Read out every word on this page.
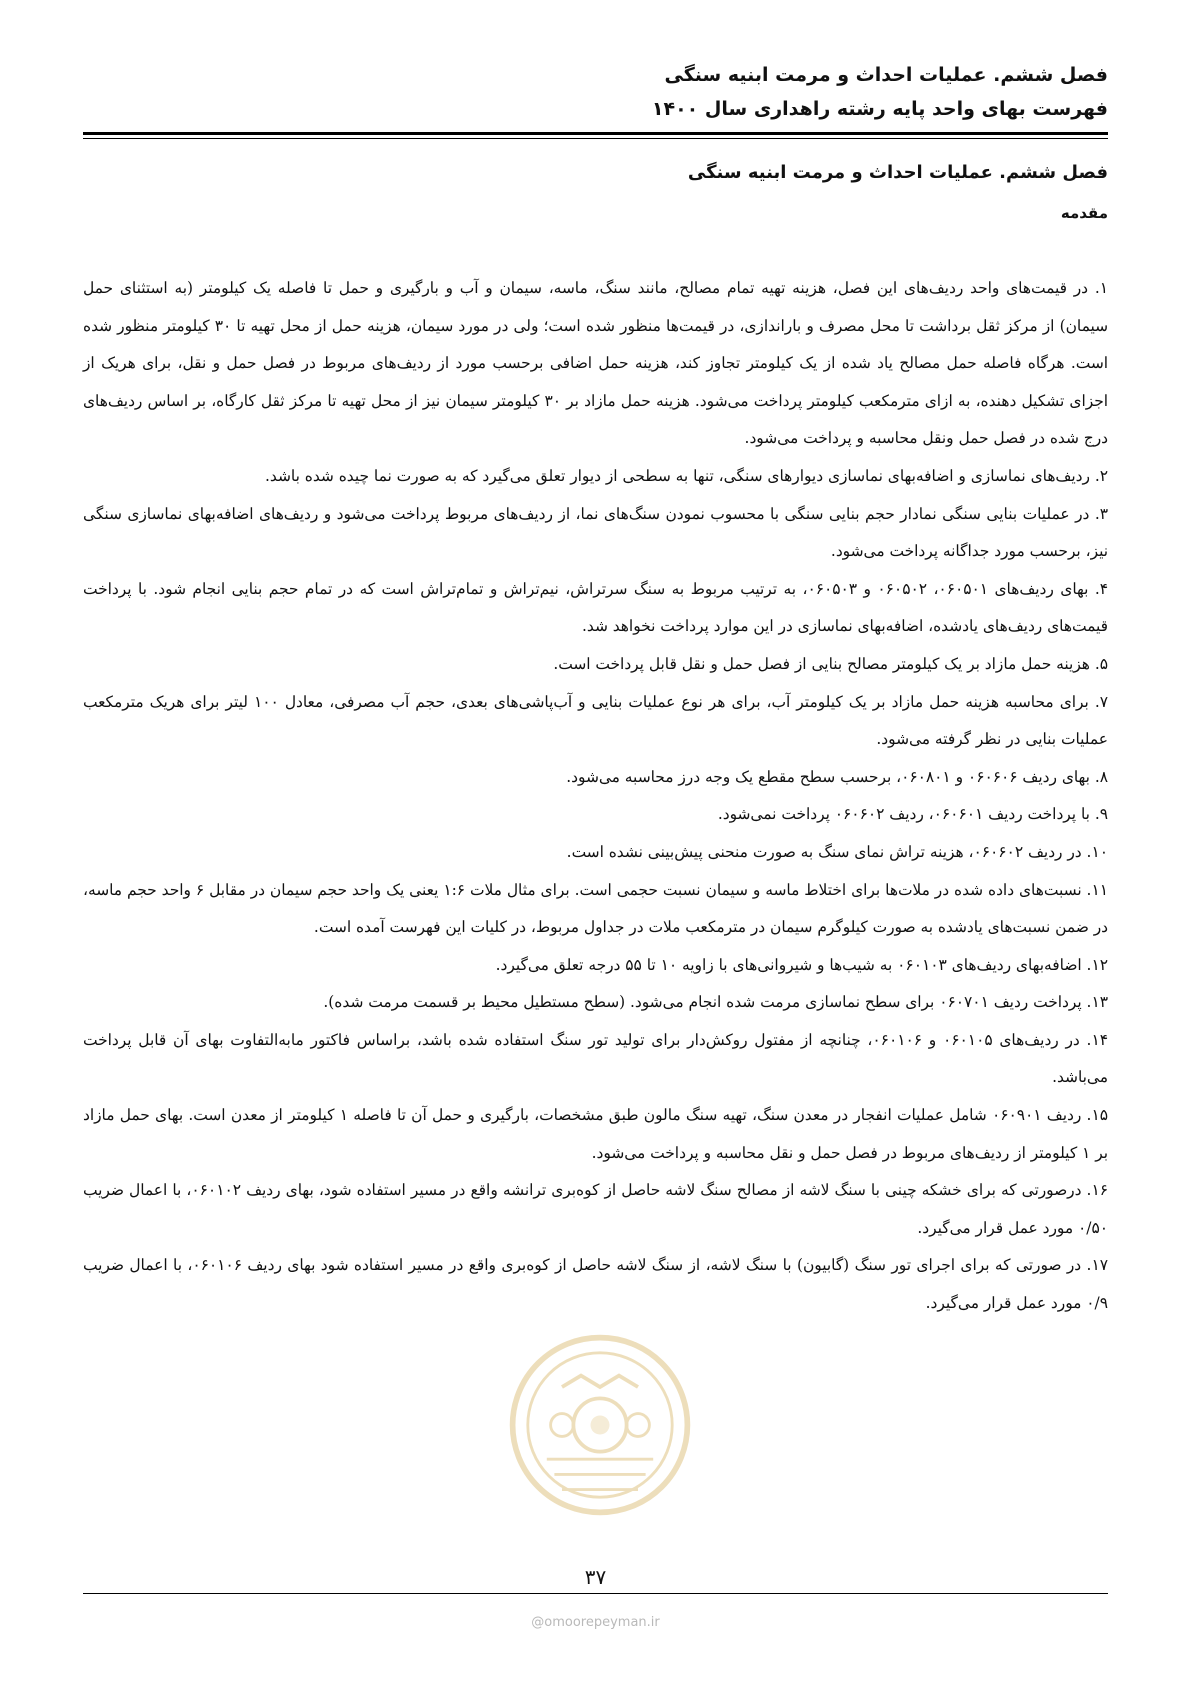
فصل ششم. عملیات احداث و مرمت ابنیه سنگی
فهرست بهای واحد پایه رشته راهداری سال ۱۴۰۰
فصل ششم. عملیات احداث و مرمت ابنیه سنگی
مقدمه

۱. در قیمت‌های واحد ردیف‌های این فصل، هزینه تهیه تمام مصالح، مانند سنگ، ماسه، سیمان و آب و بارگیری و حمل تا فاصله یک کیلومتر (به استثنای حمل سیمان) از مرکز ثقل برداشت تا محل مصرف و باراندازی، در قیمت‌ها منظور شده است؛ ولی در مورد سیمان، هزینه حمل از محل تهیه تا ۳۰ کیلومتر منظور شده است. هرگاه فاصله حمل مصالح یاد شده از یک کیلومتر تجاوز کند، هزینه حمل اضافی برحسب مورد از ردیف‌های مربوط در فصل حمل و نقل، برای هریک از اجزای تشکیل دهنده، به ازای مترمکعب کیلومتر پرداخت می‌شود. هزینه حمل مازاد بر ۳۰ کیلومتر سیمان نیز از محل تهیه تا مرکز ثقل کارگاه، بر اساس ردیف‌های درج شده در فصل حمل ونقل محاسبه و پرداخت می‌شود.

۲. ردیف‌های نماسازی و اضافه‌بهای نماسازی دیوارهای سنگی، تنها به سطحی از دیوار تعلق می‌گیرد که به صورت نما چیده شده باشد.

۳. در عملیات بنایی سنگی نمادار حجم بنایی سنگی با محسوب نمودن سنگ‌های نما، از ردیف‌های مربوط پرداخت می‌شود و ردیف‌های اضافه‌بهای نماسازی سنگی نیز، برحسب مورد جداگانه پرداخت می‌شود.

۴. بهای ردیف‌های ۰۶۰۵۰۱، ۰۶۰۵۰۲ و ۰۶۰۵۰۳، به ترتیب مربوط به سنگ سرتراش، نیم‌تراش و تمام‌تراش است که در تمام حجم بنایی انجام شود. با پرداخت قیمت‌های ردیف‌های یادشده، اضافه‌بهای نماسازی در این موارد پرداخت نخواهد شد.

۵. هزینه حمل مازاد بر یک کیلومتر مصالح بنایی از فصل حمل و نقل قابل پرداخت است.

۷. برای محاسبه هزینه حمل مازاد بر یک کیلومتر آب، برای هر نوع عملیات بنایی و آب‌پاشی‌های بعدی، حجم آب مصرفی، معادل ۱۰۰ لیتر برای هریک مترمکعب عملیات بنایی در نظر گرفته می‌شود.

۸. بهای ردیف ۰۶۰۶۰۶ و ۰۶۰۸۰۱، برحسب سطح مقطع یک وجه درز محاسبه می‌شود.

۹. با پرداخت ردیف ۰۶۰۶۰۱، ردیف ۰۶۰۶۰۲ پرداخت نمی‌شود.

۱۰. در ردیف ۰۶۰۶۰۲، هزینه تراش نمای سنگ به صورت منحنی پیش‌بینی نشده است.

۱۱. نسبت‌های داده شده در ملات‌ها برای اختلاط ماسه و سیمان نسبت حجمی است. برای مثال ملات ۱:۶ یعنی یک واحد حجم سیمان در مقابل ۶ واحد حجم ماسه، در ضمن نسبت‌های یادشده به صورت کیلوگرم سیمان در مترمکعب ملات در جداول مربوط، در کلیات این فهرست آمده است.

۱۲. اضافه‌بهای ردیف‌های ۰۶۰۱۰۳ به شیب‌ها و شیروانی‌های با زاویه ۱۰ تا ۵۵ درجه تعلق می‌گیرد.

۱۳. پرداخت ردیف ۰۶۰۷۰۱ برای سطح نماسازی مرمت شده انجام می‌شود. (سطح مستطیل محیط بر قسمت مرمت شده).

۱۴. در ردیف‌های ۰۶۰۱۰۵ و ۰۶۰۱۰۶، چنانچه از مفتول روکش‌دار برای تولید تور سنگ استفاده شده باشد، براساس فاکتور مابه‌التفاوت بهای آن قابل پرداخت می‌باشد.

۱۵. ردیف ۰۶۰۹۰۱ شامل عملیات انفجار در معدن سنگ، تهیه سنگ مالون طبق مشخصات، بارگیری و حمل آن تا فاصله ۱ کیلومتر از معدن است. بهای حمل مازاد بر ۱ کیلومتر از ردیف‌های مربوط در فصل حمل و نقل محاسبه و پرداخت می‌شود.

۱۶. درصورتی که برای خشکه چینی با سنگ لاشه از مصالح سنگ لاشه حاصل از کوه‌بری ترانشه واقع در مسیر استفاده شود، بهای ردیف ۰۶۰۱۰۲، با اعمال ضریب ۰/۵۰ مورد عمل قرار می‌گیرد.

۱۷. در صورتی که برای اجرای تور سنگ (گابیون) با سنگ لاشه، از سنگ لاشه حاصل از کوه‌بری واقع در مسیر استفاده شود بهای ردیف ۰۶۰۱۰۶، با اعمال ضریب ۰/۹ مورد عمل قرار می‌گیرد.

۳۷
@omoorepeyman.ir
